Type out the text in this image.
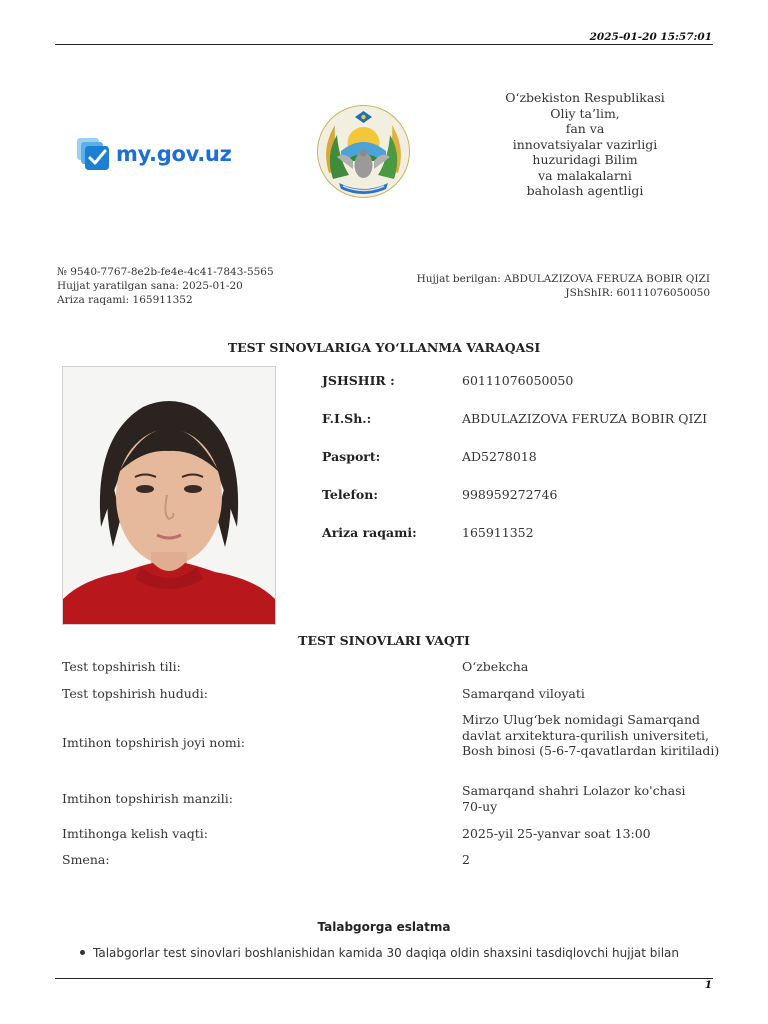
2025-01-20 15:57:01
my.gov.uz
O‘zbekiston Respublikasi
Oliy ta’lim,
fan va
innovatsiyalar vazirligi
huzuridagi Bilim
va malakalarni
baholash agentligi
№ 9540-7767-8e2b-fe4e-4c41-7843-5565
Hujjat yaratilgan sana: 2025-01-20
Ariza raqami: 165911352
Hujjat berilgan: ABDULAZIZOVA FERUZA BOBIR QIZI
JShShIR: 60111076050050
TEST SINOVLARIGA YO‘LLANMA VARAQASI
JSHSHIR :	60111076050050
F.I.Sh.:	ABDULAZIZOVA FERUZA BOBIR QIZI
Pasport:	AD5278018
Telefon:	998959272746
Ariza raqami:	165911352
TEST SINOVLARI VAQTI
Test topshirish tili:	O‘zbekcha
Test topshirish hududi:	Samarqand viloyati
Imtihon topshirish joyi nomi:
Mirzo Ulug‘bek nomidagi Samarqand davlat arxitektura-qurilish universiteti, Bosh binosi (5-6-7-qavatlardan kiritiladi)
Imtihon topshirish manzili:
Samarqand shahri Lolazor ko'chasi 70-uy
Imtihonga kelish vaqti:	2025-yil 25-yanvar soat 13:00
Smena:	2
Talabgorga eslatma
Talabgorlar test sinovlari boshlanishidan kamida 30 daqiqa oldin shaxsini tasdiqlovchi hujjat bilan
1
